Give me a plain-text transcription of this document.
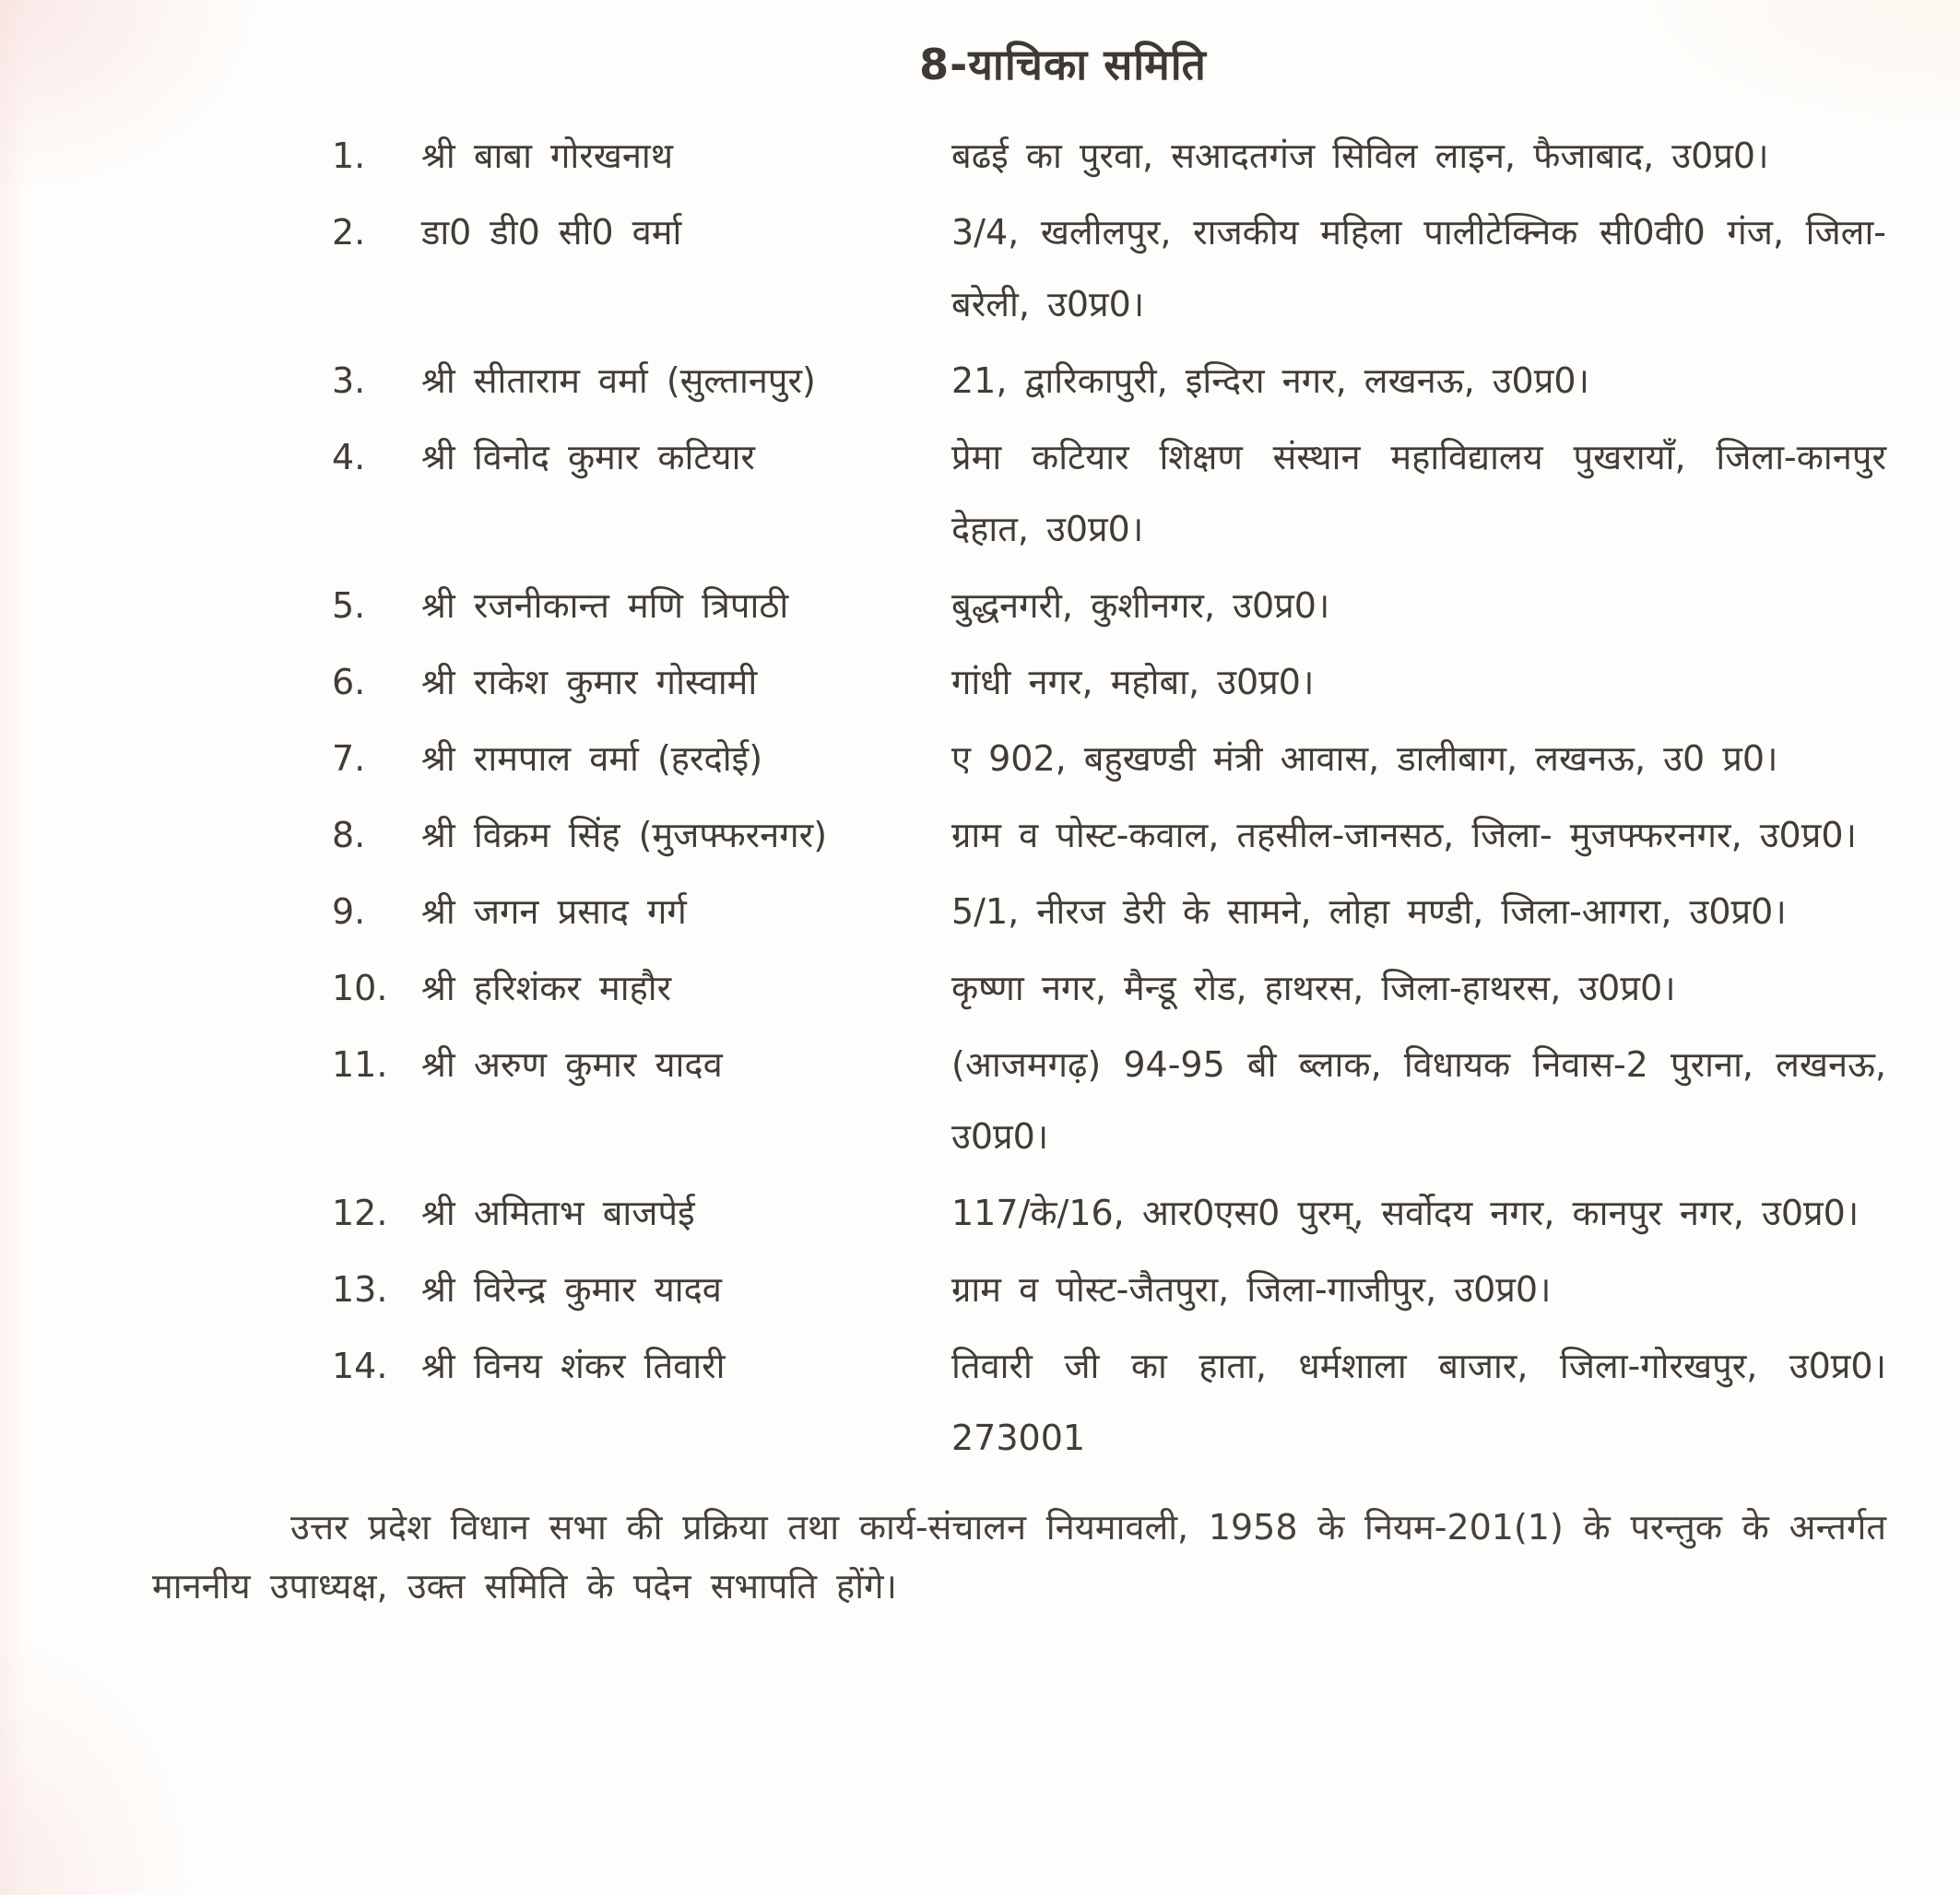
8-याचिका समिति
1.	श्री बाबा गोरखनाथ	बढई का पुरवा, सआदतगंज सिविल लाइन, फैजाबाद, उ0प्र0।
2.	डा0 डी0 सी0 वर्मा	3/4, खलीलपुर, राजकीय महिला पालीटेक्निक सी0वी0 गंज, जिला-बरेली, उ0प्र0।
3.	श्री सीताराम वर्मा (सुल्तानपुर)	21, द्वारिकापुरी, इन्दिरा नगर, लखनऊ, उ0प्र0।
4.	श्री विनोद कुमार कटियार	प्रेमा कटियार शिक्षण संस्थान महाविद्यालय पुखरायाँ, जिला-कानपुर देहात, उ0प्र0।
5.	श्री रजनीकान्त मणि त्रिपाठी	बुद्धनगरी, कुशीनगर, उ0प्र0।
6.	श्री राकेश कुमार गोस्वामी	गांधी नगर, महोबा, उ0प्र0।
7.	श्री रामपाल वर्मा (हरदोई)	ए 902, बहुखण्डी मंत्री आवास, डालीबाग, लखनऊ, उ0 प्र0।
8.	श्री विक्रम सिंह (मुजफ्फरनगर)	ग्राम व पोस्ट-कवाल, तहसील-जानसठ, जिला- मुजफ्फरनगर, उ0प्र0।
9.	श्री जगन प्रसाद गर्ग	5/1, नीरज डेरी के सामने, लोहा मण्डी, जिला-आगरा, उ0प्र0।
10. श्री हरिशंकर माहौर	कृष्णा नगर, मैन्डू रोड, हाथरस, जिला-हाथरस, उ0प्र0।
11. श्री अरुण कुमार यादव	(आजमगढ़) 94-95 बी ब्लाक, विधायक निवास-2 पुराना, लखनऊ, उ0प्र0।
12. श्री अमिताभ बाजपेई	117/के/16, आर0एस0 पुरम्, सर्वोदय नगर, कानपुर नगर, उ0प्र0।
13. श्री विरेन्द्र कुमार यादव	ग्राम व पोस्ट-जैतपुरा, जिला-गाजीपुर, उ0प्र0।
14. श्री विनय शंकर तिवारी	तिवारी जी का हाता, धर्मशाला बाजार, जिला-गोरखपुर, उ0प्र0। 273001
उत्तर प्रदेश विधान सभा की प्रक्रिया तथा कार्य-संचालन नियमावली, 1958 के नियम-201(1) के परन्तुक के अन्तर्गत माननीय उपाध्यक्ष, उक्त समिति के पदेन सभापति होंगे।
